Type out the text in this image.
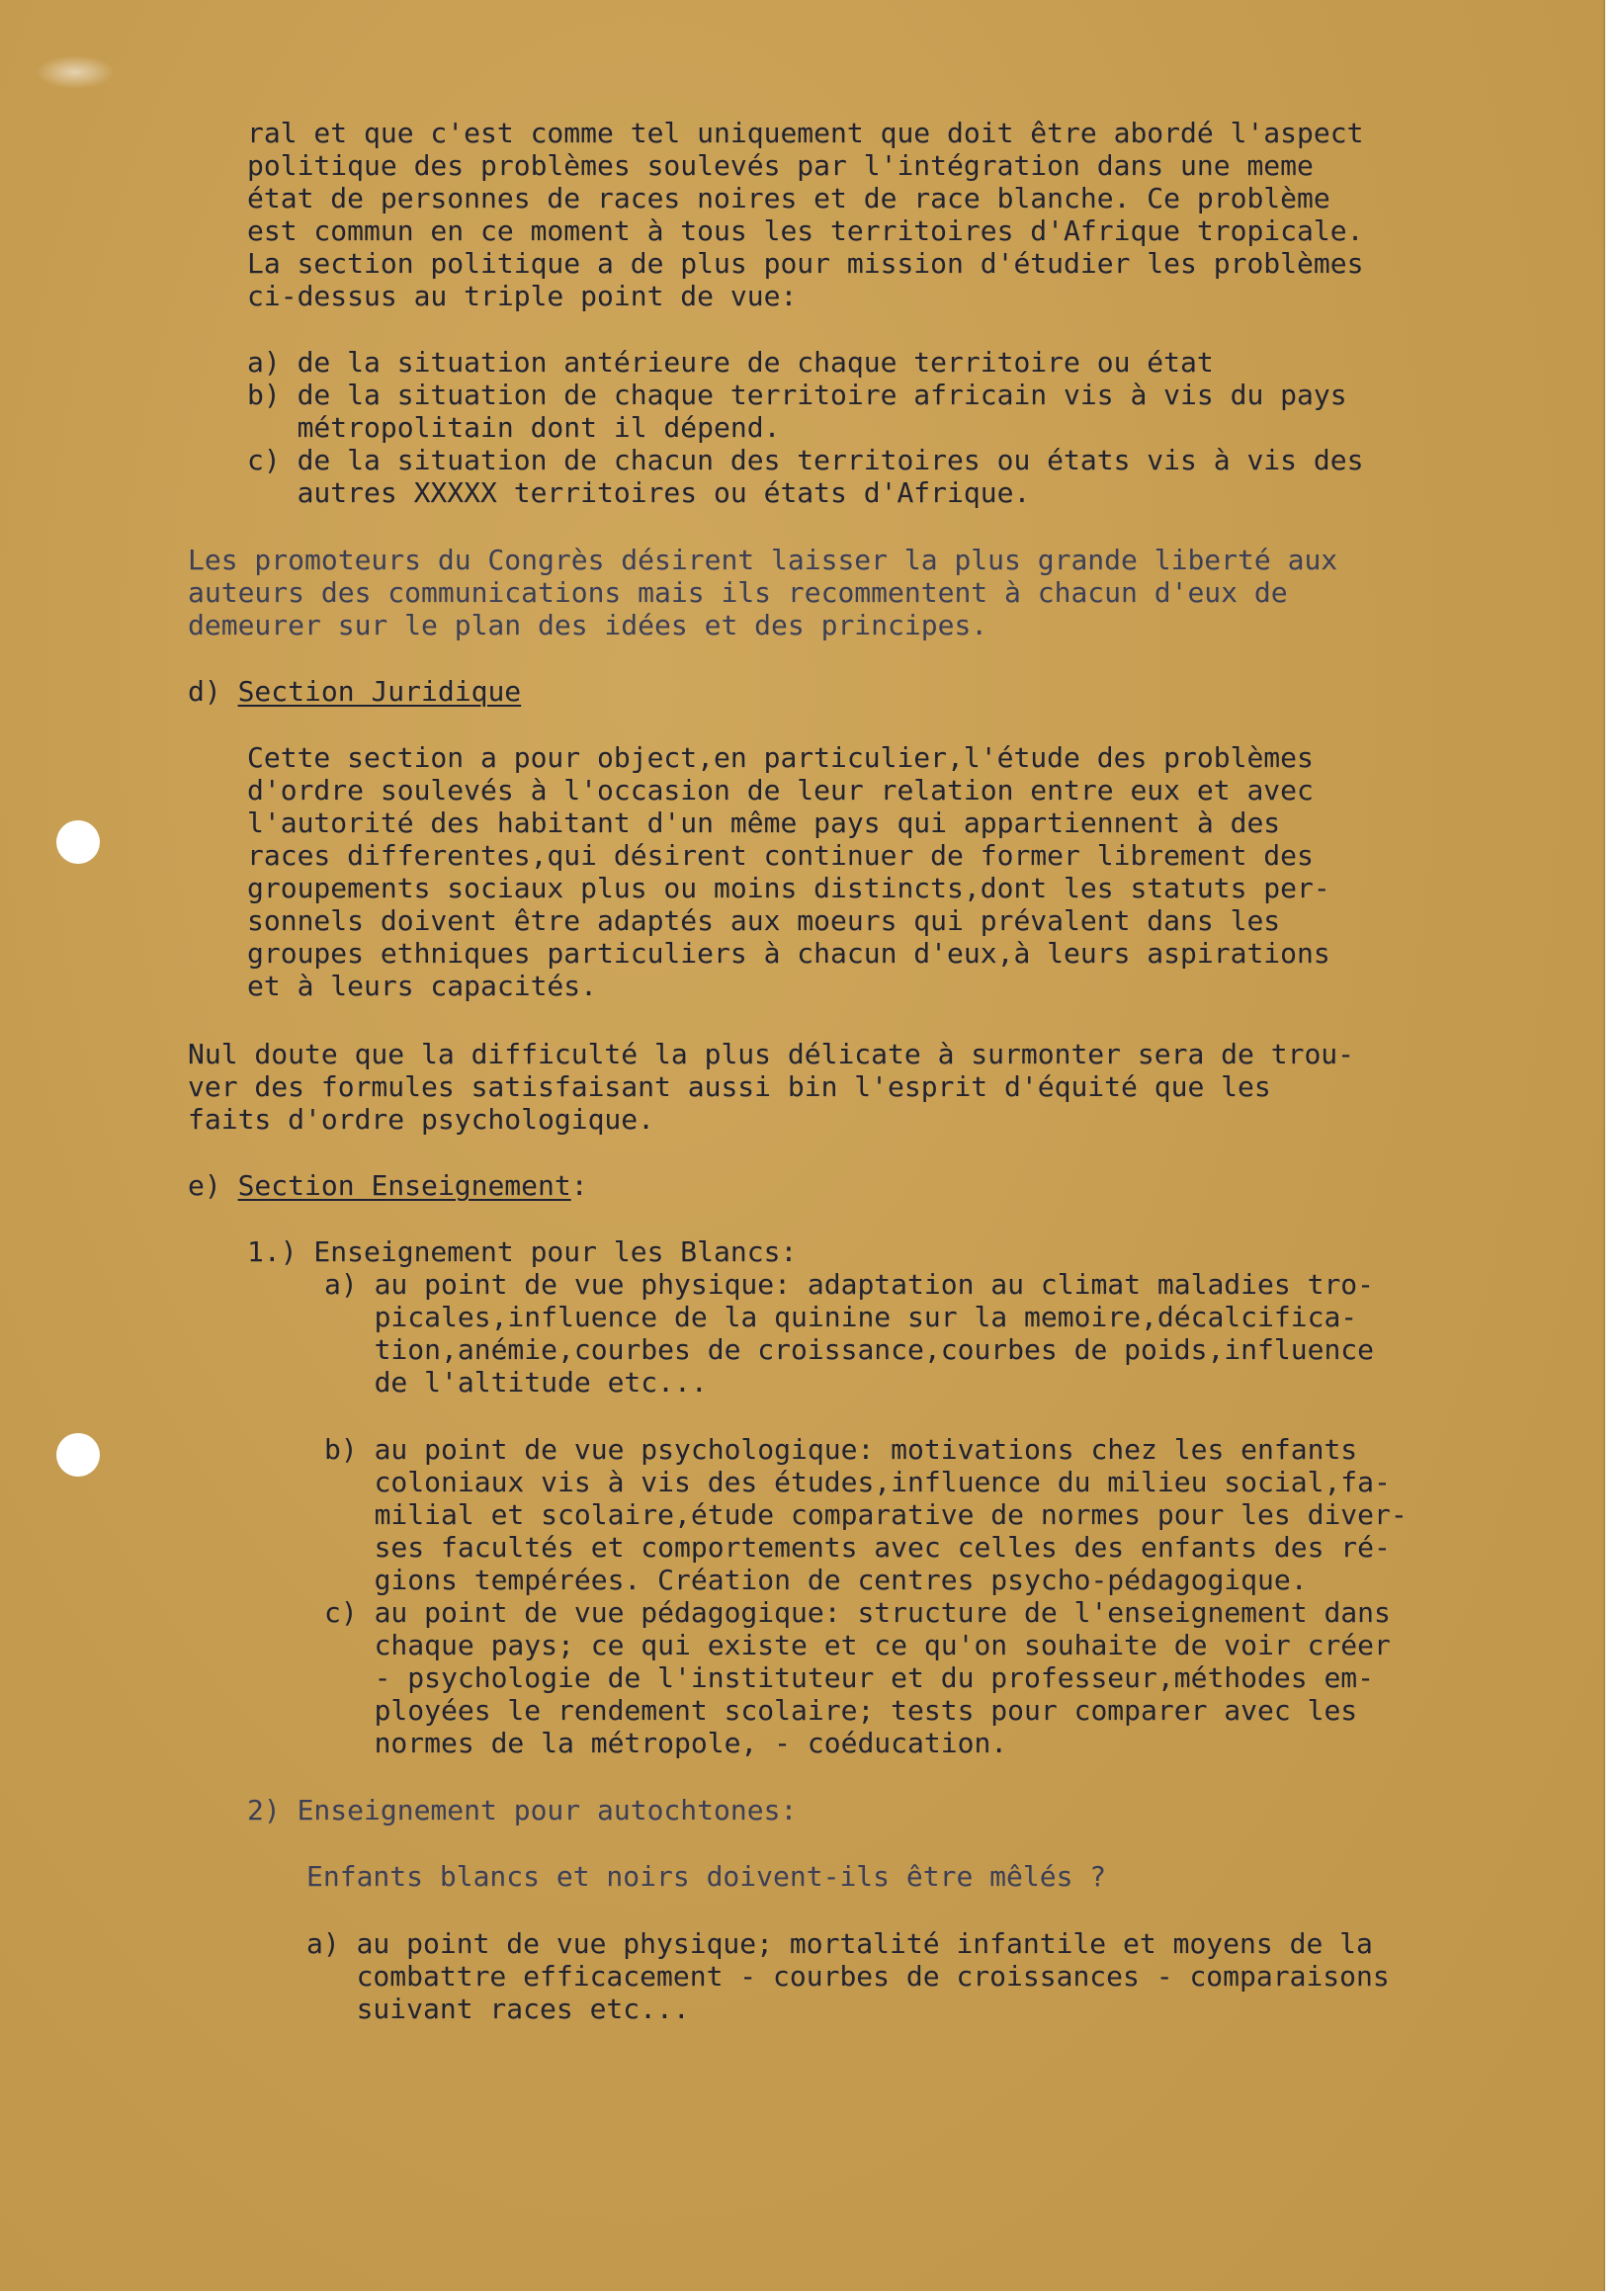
ral et que c'est comme tel uniquement que doit être abordé l'aspect

politique des problèmes soulevés par l'intégration dans une meme

état de personnes de races noires et de race blanche. Ce problème

est commun en ce moment à tous les territoires d'Afrique tropicale.

La section politique a de plus pour mission d'étudier les problèmes

ci-dessus au triple point de vue:

a) de la situation antérieure de chaque territoire ou état

b) de la situation de chaque territoire africain vis à vis du pays

métropolitain dont il dépend.

c) de la situation de chacun des territoires ou états vis à vis des

autres XXXXX territoires ou états d'Afrique.

Les promoteurs du Congrès désirent laisser la plus grande liberté aux

auteurs des communications mais ils recommentent à chacun d'eux de

demeurer sur le plan des idées et des principes.

d) Section Juridique

Cette section a pour object,en particulier,l'étude des problèmes

d'ordre soulevés à l'occasion de leur relation entre eux et avec

l'autorité des habitant d'un même pays qui appartiennent à des

races differentes,qui désirent continuer de former librement des

groupements sociaux plus ou moins distincts,dont les statuts per-

sonnels doivent être adaptés aux moeurs qui prévalent dans les

groupes ethniques particuliers à chacun d'eux,à leurs aspirations

et à leurs capacités.

Nul doute que la difficulté la plus délicate à surmonter sera de trou-

ver des formules satisfaisant aussi bin l'esprit d'équité que les

faits d'ordre psychologique.

e) Section Enseignement:

1.) Enseignement pour les Blancs:

a) au point de vue physique: adaptation au climat maladies tro-

picales,influence de la quinine sur la memoire,décalcifica-

tion,anémie,courbes de croissance,courbes de poids,influence

de l'altitude etc...

b) au point de vue psychologique: motivations chez les enfants

coloniaux vis à vis des études,influence du milieu social,fa-

milial et scolaire,étude comparative de normes pour les diver-

ses facultés et comportements avec celles des enfants des ré-

gions tempérées. Création de centres psycho-pédagogique.

c) au point de vue pédagogique: structure de l'enseignement dans

chaque pays; ce qui existe et ce qu'on souhaite de voir créer

- psychologie de l'instituteur et du professeur,méthodes em-

ployées le rendement scolaire; tests pour comparer avec les

normes de la métropole, - coéducation.

2) Enseignement pour autochtones:

Enfants blancs et noirs doivent-ils être mêlés ?

a) au point de vue physique; mortalité infantile et moyens de la

combattre efficacement - courbes de croissances - comparaisons

suivant races etc...
